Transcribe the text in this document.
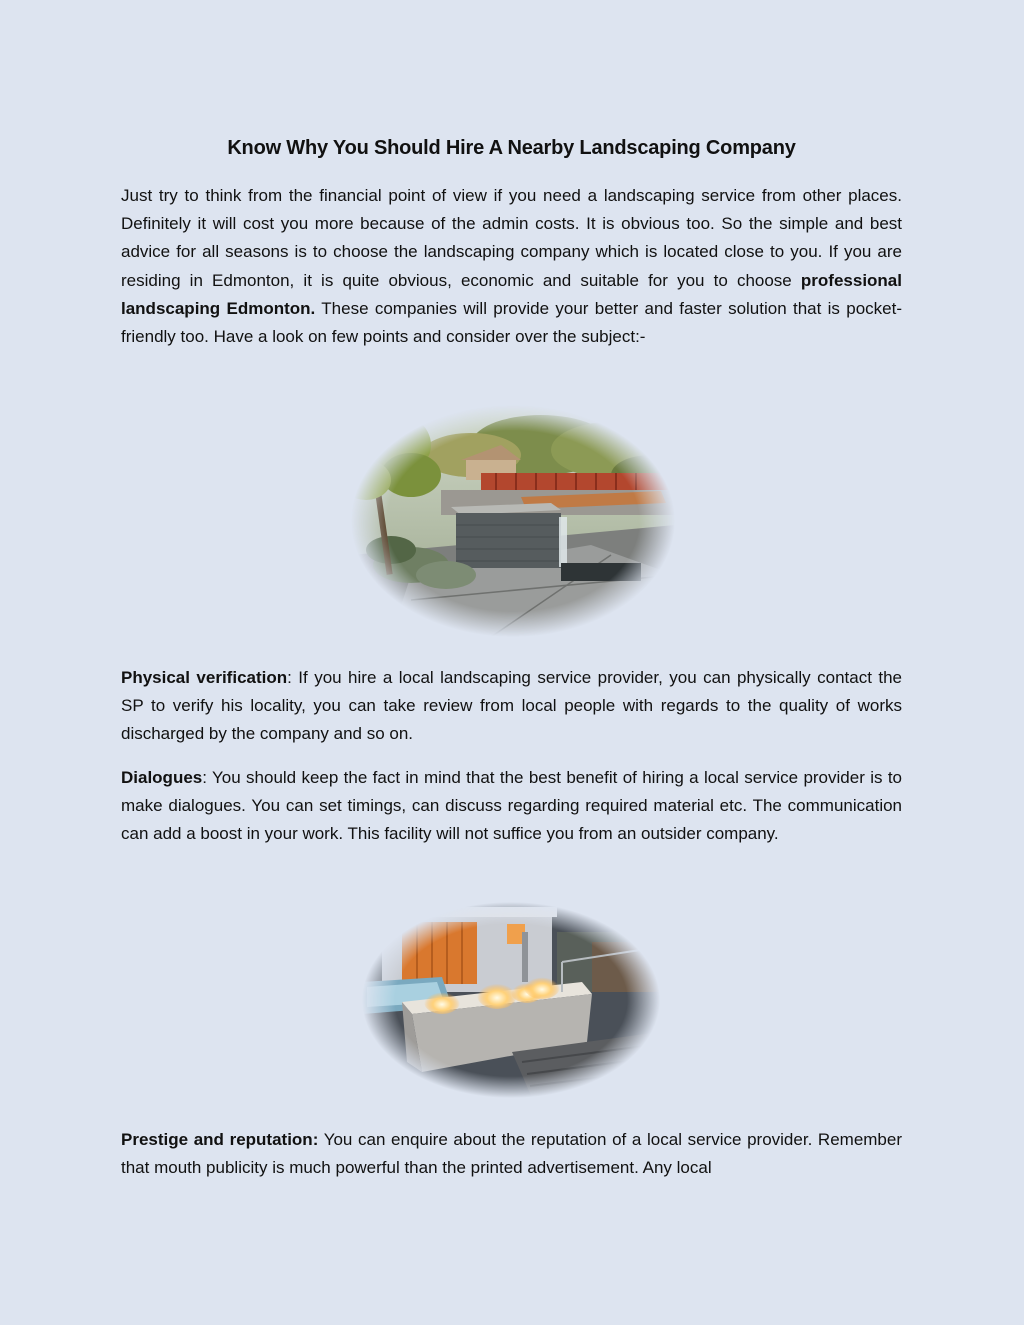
Know Why You Should Hire A Nearby Landscaping Company

Just try to think from the financial point of view if you need a landscaping service from other places. Definitely it will cost you more because of the admin costs. It is obvious too. So the simple and best advice for all seasons is to choose the landscaping company which is located close to you. If you are residing in Edmonton, it is quite obvious, economic and suitable for you to choose professional landscaping Edmonton. These companies will provide your better and faster solution that is pocket-friendly too. Have a look on few points and consider over the subject:-

Physical verification: If you hire a local landscaping service provider, you can physically contact the SP to verify his locality, you can take review from local people with regards to the quality of works discharged by the company and so on.

Dialogues: You should keep the fact in mind that the best benefit of hiring a local service provider is to make dialogues. You can set timings, can discuss regarding required material etc. The communication can add a boost in your work. This facility will not suffice you from an outsider company.

Prestige and reputation: You can enquire about the reputation of a local service provider. Remember that mouth publicity is much powerful than the printed advertisement. Any local
